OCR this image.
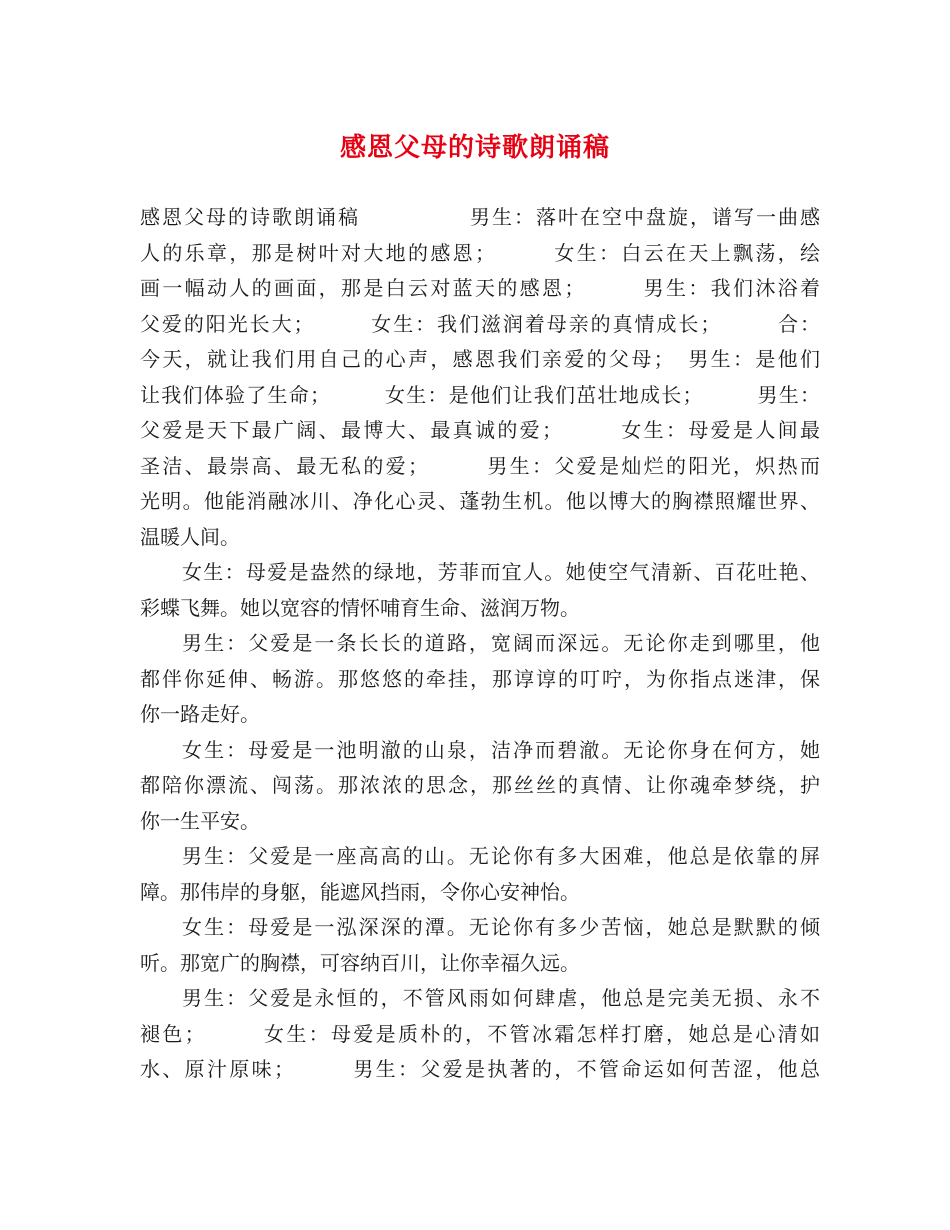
感恩父母的诗歌朗诵稿
感恩父母的诗歌朗诵稿　　　　　男生：落叶在空中盘旋，谱写一曲感
人的乐章，那是树叶对大地的感恩；　　　女生：白云在天上飘荡，绘
画一幅动人的画面，那是白云对蓝天的感恩；　　　男生：我们沐浴着
父爱的阳光长大；　　　女生：我们滋润着母亲的真情成长；　　　合：
今天，就让我们用自己的心声，感恩我们亲爱的父母；　男生：是他们
让我们体验了生命；　　　女生：是他们让我们茁壮地成长；　　　男生：
父爱是天下最广阔、最博大、最真诚的爱；　　　女生：母爱是人间最
圣洁、最崇高、最无私的爱；　　　男生：父爱是灿烂的阳光，炽热而
光明。他能消融冰川、净化心灵、蓬勃生机。他以博大的胸襟照耀世界、
温暖人间。
女生：母爱是盎然的绿地，芳菲而宜人。她使空气清新、百花吐艳、
彩蝶飞舞。她以宽容的情怀哺育生命、滋润万物。
男生：父爱是一条长长的道路，宽阔而深远。无论你走到哪里，他
都伴你延伸、畅游。那悠悠的牵挂，那谆谆的叮咛，为你指点迷津，保
你一路走好。
女生：母爱是一池明澈的山泉，洁净而碧澈。无论你身在何方，她
都陪你漂流、闯荡。那浓浓的思念，那丝丝的真情、让你魂牵梦绕，护
你一生平安。
男生：父爱是一座高高的山。无论你有多大困难，他总是依靠的屏
障。那伟岸的身躯，能遮风挡雨，令你心安神怡。
女生：母爱是一泓深深的潭。无论你有多少苦恼，她总是默默的倾
听。那宽广的胸襟，可容纳百川，让你幸福久远。
男生：父爱是永恒的，不管风雨如何肆虐，他总是完美无损、永不
褪色；　　　女生：母爱是质朴的，不管冰霜怎样打磨，她总是心清如
水、原汁原味；　　　男生：父爱是执著的，不管命运如何苦涩，他总
